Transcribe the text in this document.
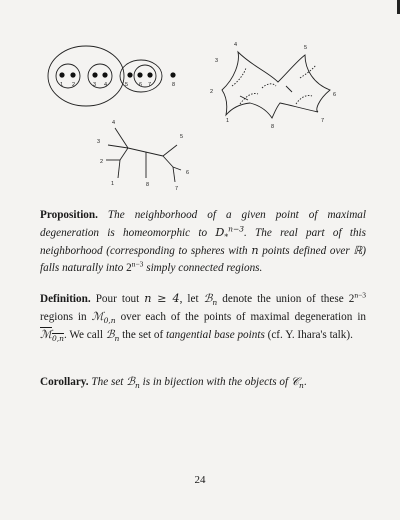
1 2	3 4	5 6 7	8
1
2
3
4
5
6
7
8
1
2
3
4	5
6
7
8
Proposition. The neighborhood of a given point of maximal degeneration is homeomorphic to $D_*^{n-3}$. The real part of this neighborhood (corresponding to spheres with n points defined over ℝ) falls naturally into $2^{n-3}$ simply connected regions.
Definition. Pour tout n ≥ 4, let ℬ$_n$ denote the union of these $2^{n-3}$ regions in ℳ$_{0,n}$ over each of the points of maximal degeneration in ℳ$_{0,n}$. We call ℬ$_n$ the set of tangential base points (cf. Y. Ihara's talk).
Corollary. The set ℬ$_n$ is in bijection with the objects of 𝒞$_n$.
24
